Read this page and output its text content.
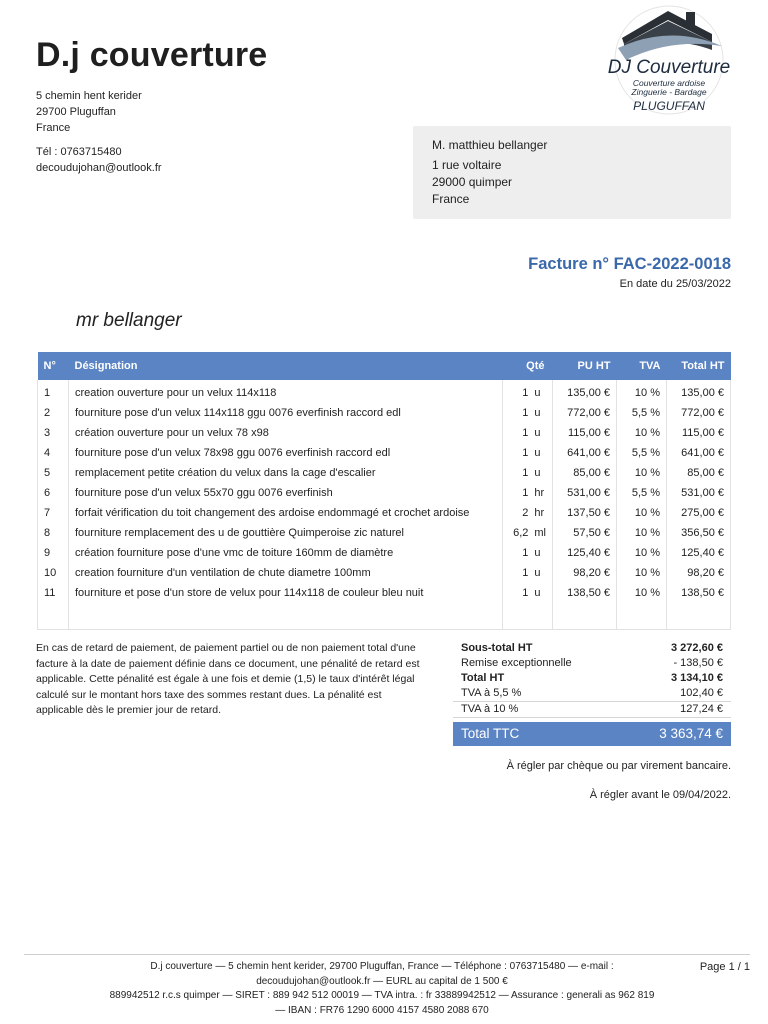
D.j couverture
5 chemin hent kerider
29700 Pluguffan
France
Tél : 0763715480
decoudujohan@outlook.fr
DJ Couverture
Couverture ardoise
Zinguerie - Bardage
PLUGUFFAN
M. matthieu bellanger
1 rue voltaire
29000 quimper
France
Facture n° FAC-2022-0018
En date du 25/03/2022
mr bellanger
N°	Désignation	Qté		PU HT	TVA	Total HT
1	creation ouverture pour un velux 114x118	1	u	135,00 €	10 %	135,00 €
2	fourniture pose d'un velux 114x118 ggu 0076 everfinish raccord edl	1	u	772,00 €	5,5 %	772,00 €
3	création ouverture pour un velux 78 x98	1	u	115,00 €	10 %	115,00 €
4	fourniture pose d'un velux 78x98 ggu 0076 everfinish raccord edl	1	u	641,00 €	5,5 %	641,00 €
5	remplacement petite création du velux dans la cage d'escalier	1	u	85,00 €	10 %	85,00 €
6	fourniture pose d'un velux 55x70 ggu 0076 everfinish	1	hr	531,00 €	5,5 %	531,00 €
7	forfait vérification du toit changement des ardoise endommagé et crochet ardoise	2	hr	137,50 €	10 %	275,00 €
8	fourniture remplacement des u de gouttière Quimperoise zic naturel	6,2	ml	57,50 €	10 %	356,50 €
9	création fourniture pose d'une vmc de toiture 160mm de diamètre	1	u	125,40 €	10 %	125,40 €
10	creation fourniture d'un ventilation de chute diametre 100mm	1	u	98,20 €	10 %	98,20 €
11	fourniture et pose d'un store de velux pour 114x118 de couleur bleu nuit	1	u	138,50 €	10 %	138,50 €

En cas de retard de paiement, de paiement partiel ou de non paiement total d'une facture à la date de paiement définie dans ce document, une pénalité de retard est applicable. Cette pénalité est égale à une fois et demie (1,5) le taux d'intérêt légal calculé sur le montant hors taxe des sommes restant dues. La pénalité est applicable dès le premier jour de retard.
Sous-total HT	3 272,60 €
Remise exceptionnelle	- 138,50 €
Total HT	3 134,10 €
TVA à 5,5 %	102,40 €
TVA à 10 %	127,24 €
Total TTC	3 363,74 €
À régler par chèque ou par virement bancaire.
À régler avant le 09/04/2022.
D.j couverture — 5 chemin hent kerider, 29700 Pluguffan, France — Téléphone : 0763715480 — e-mail :
decoudujohan@outlook.fr — EURL au capital de 1 500 €
889942512 r.c.s quimper — SIRET : 889 942 512 00019 — TVA intra. : fr 33889942512 — Assurance : generali as 962 819
— IBAN : FR76 1290 6000 4157 4580 2088 670
Page 1 / 1
